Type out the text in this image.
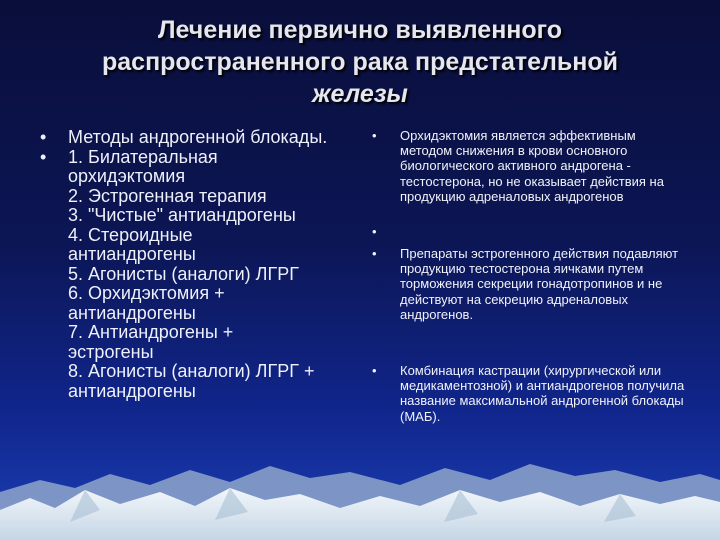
Лечение первично выявленного
распространенного рака предстательной
железы
•	Методы андрогенной блокады.
•	1. Билатеральная
орхидэктомия
2. Эстрогенная терапия
3. "Чистые" антиандрогены
4. Стероидные
антиандрогены
5. Агонисты (аналоги) ЛГРГ
6. Орхидэктомия +
антиандрогены
7. Антиандрогены +
эстрогены
8. Агонисты (аналоги) ЛГРГ +
антиандрогены
•	Орхидэктомия является эффективным методом снижения в крови основного биологического активного андрогена - тестостерона, но не оказывает действия на продукцию адреналовых андрогенов
•
•	Препараты эстрогенного действия подавляют продукцию тестостерона яичками путем торможения секреции гонадотропинов и не действуют на секрецию адреналовых андрогенов.
•	Комбинация кастрации (хирургической или медикаментозной) и антиандрогенов получила название максимальной андрогенной блокады (МАБ).
